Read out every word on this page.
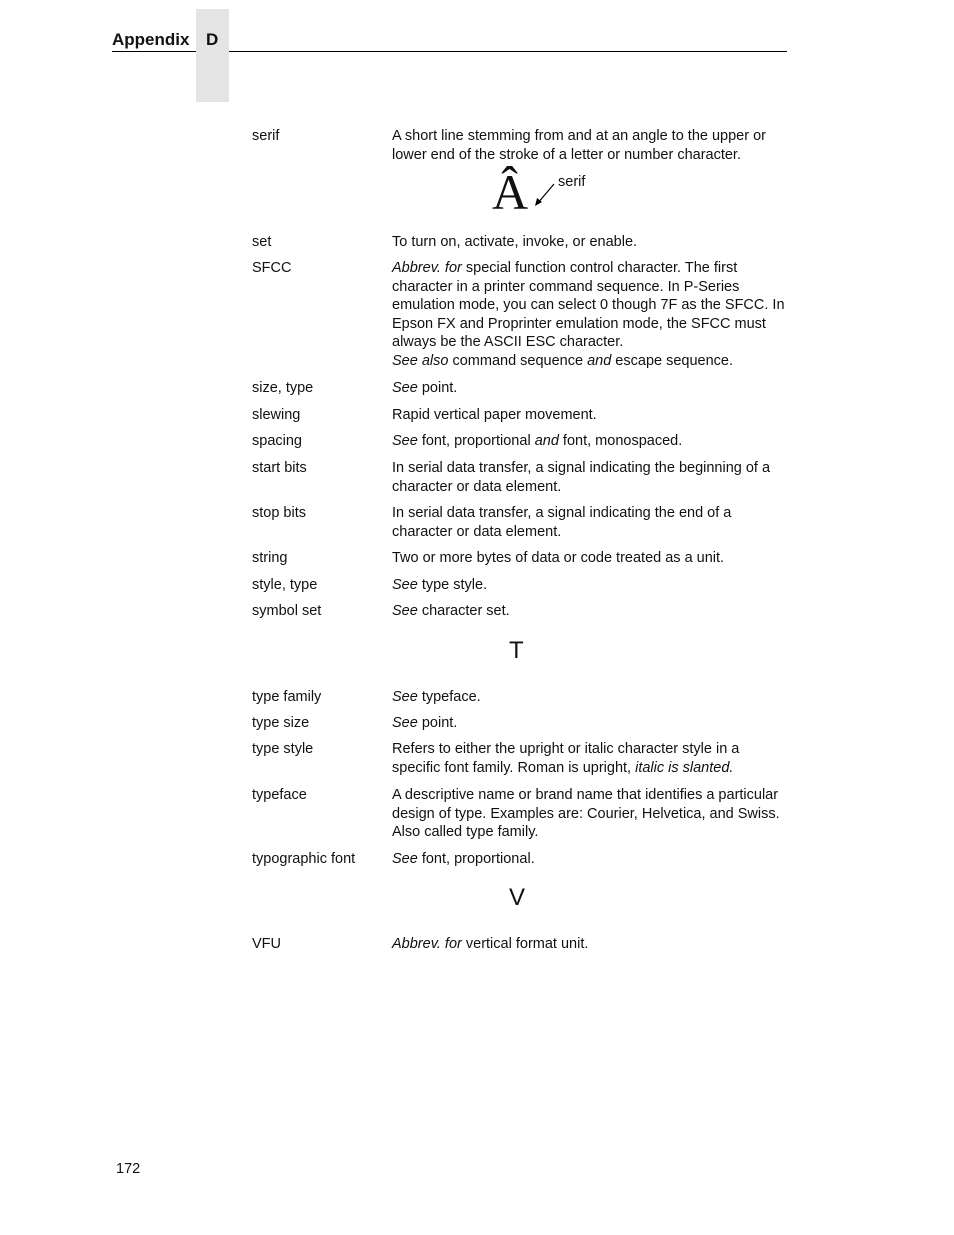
Appendix D
serif	A short line stemming from and at an angle to the upper or lower end of the stroke of a letter or number character.
Â serif
set	To turn on, activate, invoke, or enable.
SFCC	Abbrev. for special function control character. The first character in a printer command sequence. In P-Series emulation mode, you can select 0 though 7F as the SFCC. In Epson FX and Proprinter emulation mode, the SFCC must always be the ASCII ESC character.
See also command sequence and escape sequence.
size, type	See point.
slewing	Rapid vertical paper movement.
spacing	See font, proportional and font, monospaced.
start bits	In serial data transfer, a signal indicating the beginning of a character or data element.
stop bits	In serial data transfer, a signal indicating the end of a character or data element.
string	Two or more bytes of data or code treated as a unit.
style, type	See type style.
symbol set	See character set.
T
type family	See typeface.
type size	See point.
type style	Refers to either the upright or italic character style in a specific font family. Roman is upright, italic is slanted.
typeface	A descriptive name or brand name that identifies a particular design of type. Examples are: Courier, Helvetica, and Swiss. Also called type family.
typographic font	See font, proportional.
V
VFU	Abbrev. for vertical format unit.
172
